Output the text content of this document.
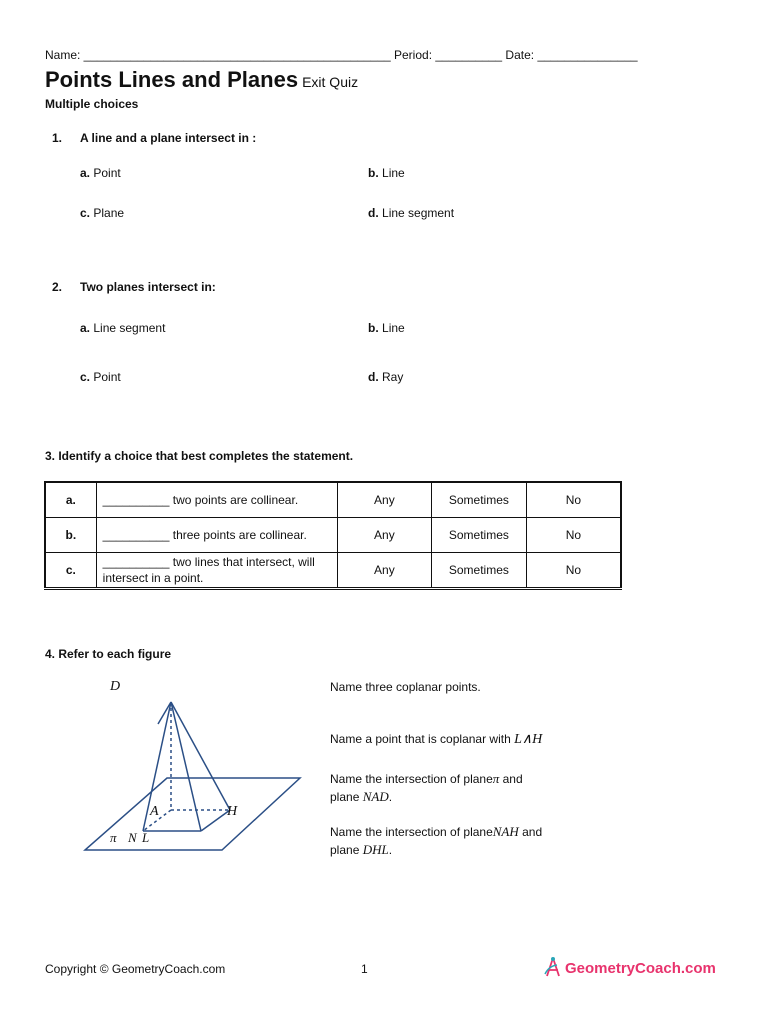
Name: ______________________________________________ Period: __________ Date: _______________
Points Lines and Planes Exit Quiz
Multiple choices
1. A line and a plane intersect in :
a. Point	b. Line
c. Plane	d. Line segment
2. Two planes intersect in:
a. Line segment	b. Line
c. Point	d. Ray
3. Identify a choice that best completes the statement.
a.	__________ two points are collinear.	Any	Sometimes	No
b.	__________ three points are collinear.	Any	Sometimes	No
c.	__________ two lines that intersect, will intersect in a point.	Any	Sometimes	No
4. Refer to each figure
D
A	H
π N L
Name three coplanar points.
Name a point that is coplanar with L∧H
Name the intersection of planeπ and
plane NAD.
Name the intersection of planeNAH and
plane DHL.
Copyright © GeometryCoach.com	1	GeometryCoach.com
